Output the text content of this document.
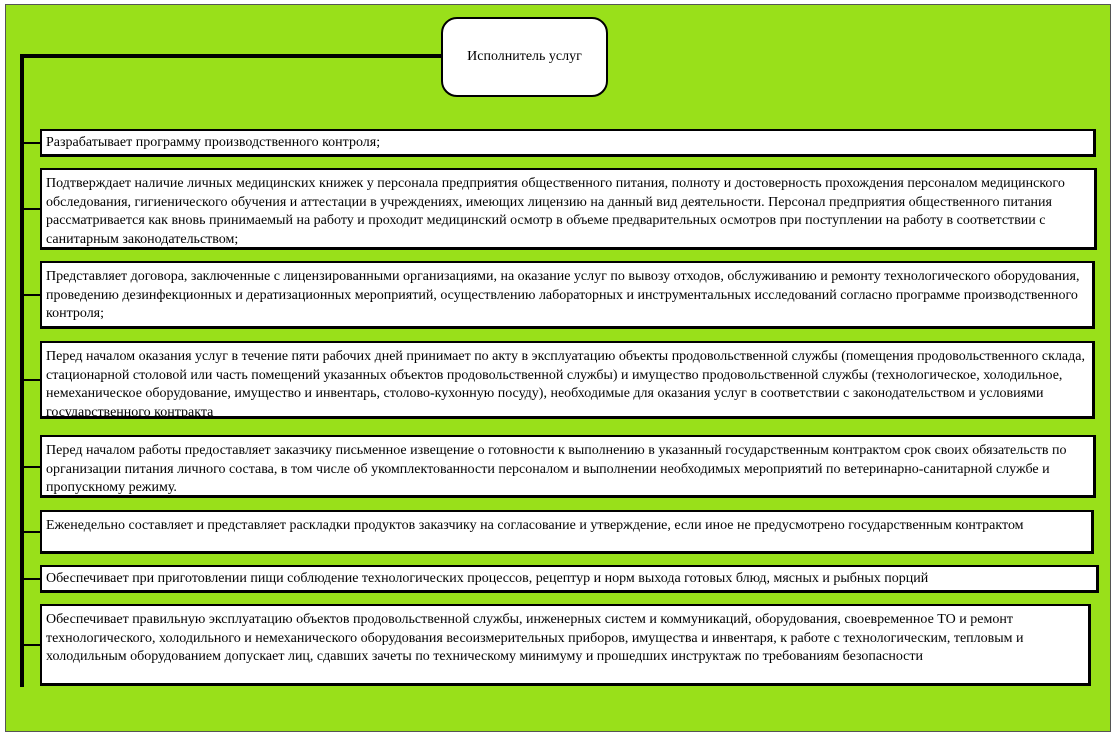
Исполнитель услуг
Разрабатывает программу производственного контроля;
Подтверждает наличие личных медицинских книжек у персонала предприятия общественного питания, полноту и достоверность прохождения персоналом медицинского обследования, гигиенического обучения и аттестации в учреждениях, имеющих лицензию на данный вид деятельности. Персонал предприятия общественного питания рассматривается как вновь принимаемый на работу и проходит медицинский осмотр в объеме предварительных осмотров при поступлении на работу в соответствии с санитарным законодательством;
Представляет договора, заключенные с лицензированными организациями, на оказание услуг по вывозу отходов, обслуживанию и ремонту технологического оборудования, проведению дезинфекционных и дератизационных мероприятий, осуществлению лабораторных и инструментальных исследований согласно программе производственного контроля;
Перед началом оказания услуг в течение пяти рабочих дней принимает по акту в эксплуатацию объекты продовольственной службы (помещения продовольственного склада, стационарной столовой или часть помещений указанных объектов продовольственной службы) и имущество продовольственной службы (технологическое, холодильное, немеханическое оборудование, имущество и инвентарь, столово-кухонную посуду), необходимые для оказания услуг в соответствии с законодательством и условиями государственного контракта
Перед началом работы предоставляет заказчику письменное извещение о готовности к выполнению в указанный государственным контрактом срок своих обязательств по организации питания личного состава, в том числе об укомплектованности персоналом и выполнении необходимых мероприятий по ветеринарно-санитарной службе и пропускному режиму.
Еженедельно составляет и представляет раскладки продуктов заказчику на согласование и утверждение, если иное не предусмотрено государственным контрактом
Обеспечивает при приготовлении пищи соблюдение технологических процессов, рецептур и норм выхода готовых блюд, мясных и рыбных порций
Обеспечивает правильную эксплуатацию объектов продовольственной службы, инженерных систем и коммуникаций, оборудования, своевременное ТО и ремонт технологического, холодильного и немеханического оборудования весоизмерительных приборов, имущества и инвентаря, к работе с технологическим, тепловым и холодильным оборудованием допускает лиц, сдавших зачеты по техническому минимуму и прошедших инструктаж по требованиям безопасности
